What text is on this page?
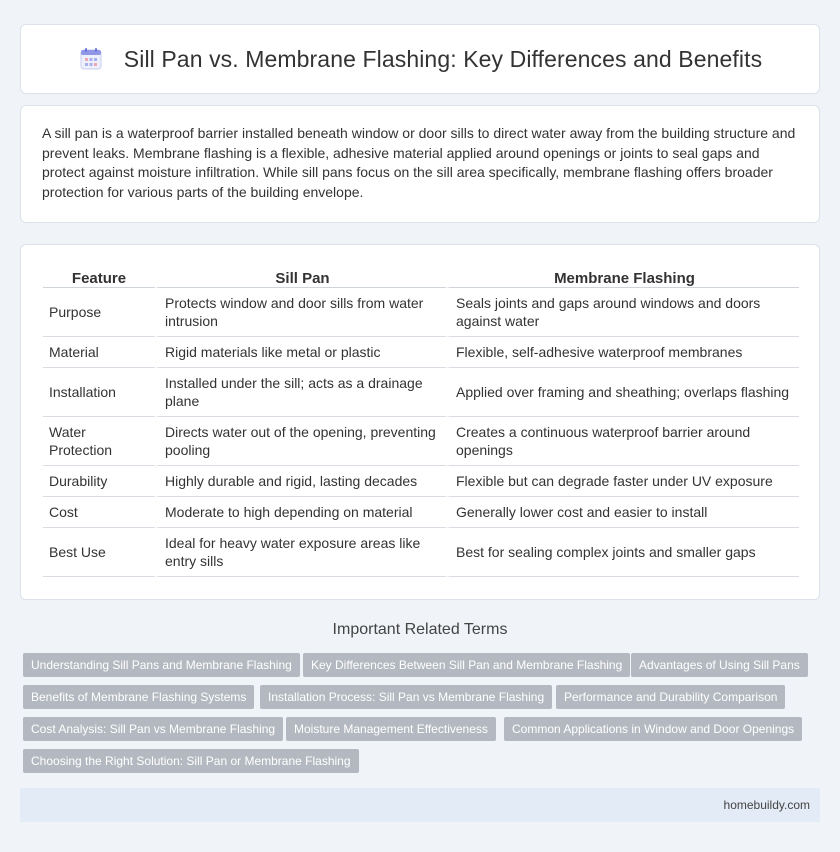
Sill Pan vs. Membrane Flashing: Key Differences and Benefits

A sill pan is a waterproof barrier installed beneath window or door sills to direct water away from the building structure and prevent leaks. Membrane flashing is a flexible, adhesive material applied around openings or joints to seal gaps and protect against moisture infiltration. While sill pans focus on the sill area specifically, membrane flashing offers broader protection for various parts of the building envelope.

Feature	Sill Pan	Membrane Flashing
Purpose	Protects window and door sills from water intrusion	Seals joints and gaps around windows and doors against water
Material	Rigid materials like metal or plastic	Flexible, self-adhesive waterproof membranes
Installation	Installed under the sill; acts as a drainage plane	Applied over framing and sheathing; overlaps flashing
Water Protection	Directs water out of the opening, preventing pooling	Creates a continuous waterproof barrier around openings
Durability	Highly durable and rigid, lasting decades	Flexible but can degrade faster under UV exposure
Cost	Moderate to high depending on material	Generally lower cost and easier to install
Best Use	Ideal for heavy water exposure areas like entry sills	Best for sealing complex joints and smaller gaps
Important Related Terms
Understanding Sill Pans and Membrane Flashing	Key Differences Between Sill Pan and Membrane Flashing	Advantages of Using Sill Pans
Benefits of Membrane Flashing Systems	Installation Process: Sill Pan vs Membrane Flashing	Performance and Durability Comparison
Cost Analysis: Sill Pan vs Membrane Flashing	Moisture Management Effectiveness	Common Applications in Window and Door Openings
Choosing the Right Solution: Sill Pan or Membrane Flashing
homebuildy.com
